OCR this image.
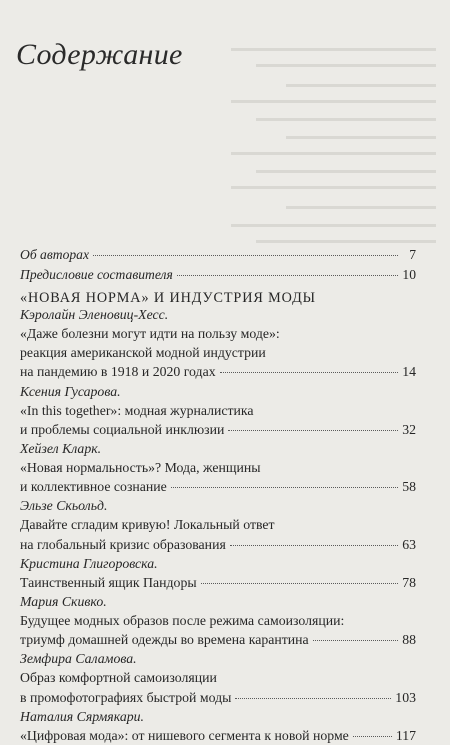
Содержание
Об авторах	7
Предисловие составителя	10
«НОВАЯ НОРМА» И ИНДУСТРИЯ МОДЫ
Кэролайн Эленовиц-Хесс.
«Даже болезни могут идти на пользу моде»:
реакция американской модной индустрии
на пандемию в 1918 и 2020 годах	14
Ксения Гусарова.
«In this together»: модная журналистика
и проблемы социальной инклюзии	32
Хейзел Кларк.
«Новая нормальность»? Мода, женщины
и коллективное сознание	58
Эльзе Скьольд.
Давайте сгладим кривую! Локальный ответ
на глобальный кризис образования	63
Кристина Глигоровска.
Таинственный ящик Пандоры	78
Мария Скивко.
Будущее модных образов после режима самоизоляции:
триумф домашней одежды во времена карантина	88
Земфира Саламова.
Образ комфортной самоизоляции
в промофотографиях быстрой моды	103
Наталия Сярмякари.
«Цифровая мода»: от нишевого сегмента к новой норме	117
